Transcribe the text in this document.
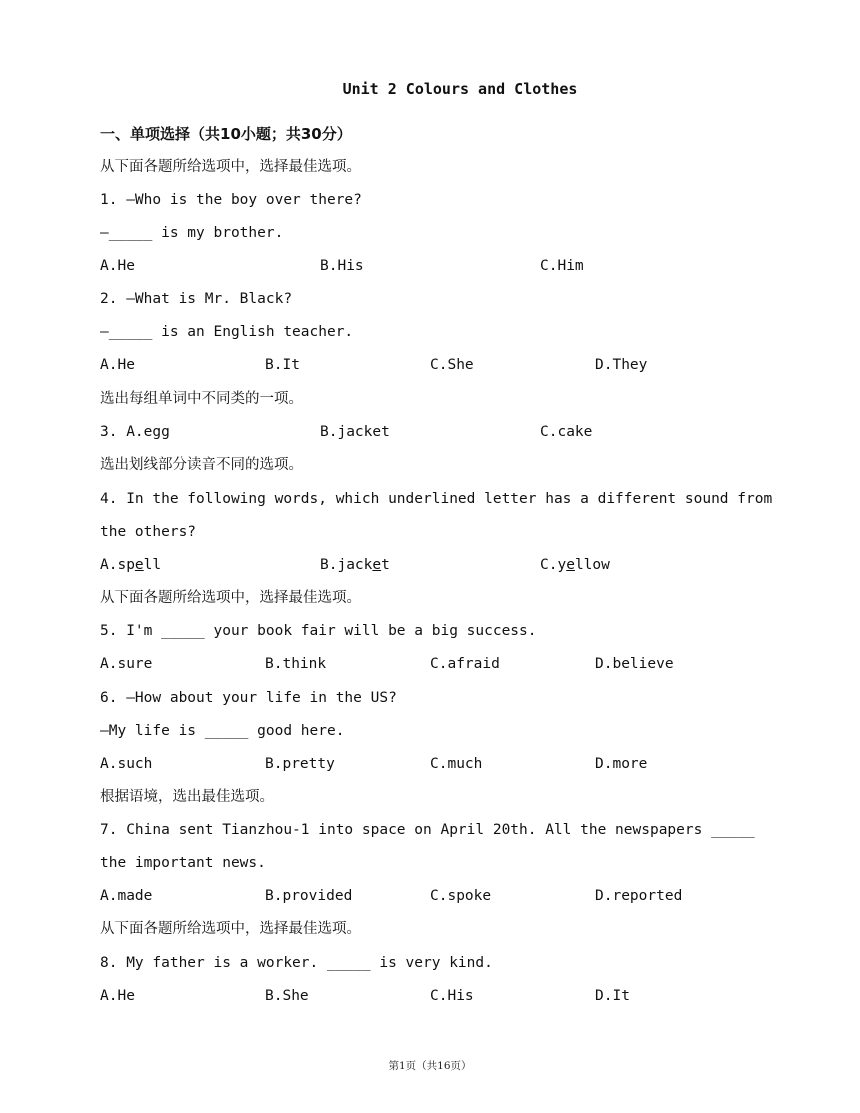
Unit 2 Colours and Clothes
一、单项选择（共10小题；共30分）
从下面各题所给选项中，选择最佳选项。
1. —Who is the boy over there?
—_____ is my brother.
A.He	B.His	C.Him
2. —What is Mr. Black?
—_____ is an English teacher.
A.He	B.It	C.She	D.They
选出每组单词中不同类的一项。
3. A.egg	B.jacket	C.cake
选出划线部分读音不同的选项。
4. In the following words, which underlined letter has a different sound from
the others?
A.spell	B.jacket	C.yellow
从下面各题所给选项中，选择最佳选项。
5. I'm _____ your book fair will be a big success.
A.sure	B.think	C.afraid	D.believe
6. —How about your life in the US?
—My life is _____ good here.
A.such	B.pretty	C.much	D.more
根据语境，选出最佳选项。
7. China sent Tianzhou-1 into space on April 20th. All the newspapers _____
the important news.
A.made	B.provided	C.spoke	D.reported
从下面各题所给选项中，选择最佳选项。
8. My father is a worker. _____ is very kind.
A.He	B.She	C.His	D.It
第1页（共16页）
